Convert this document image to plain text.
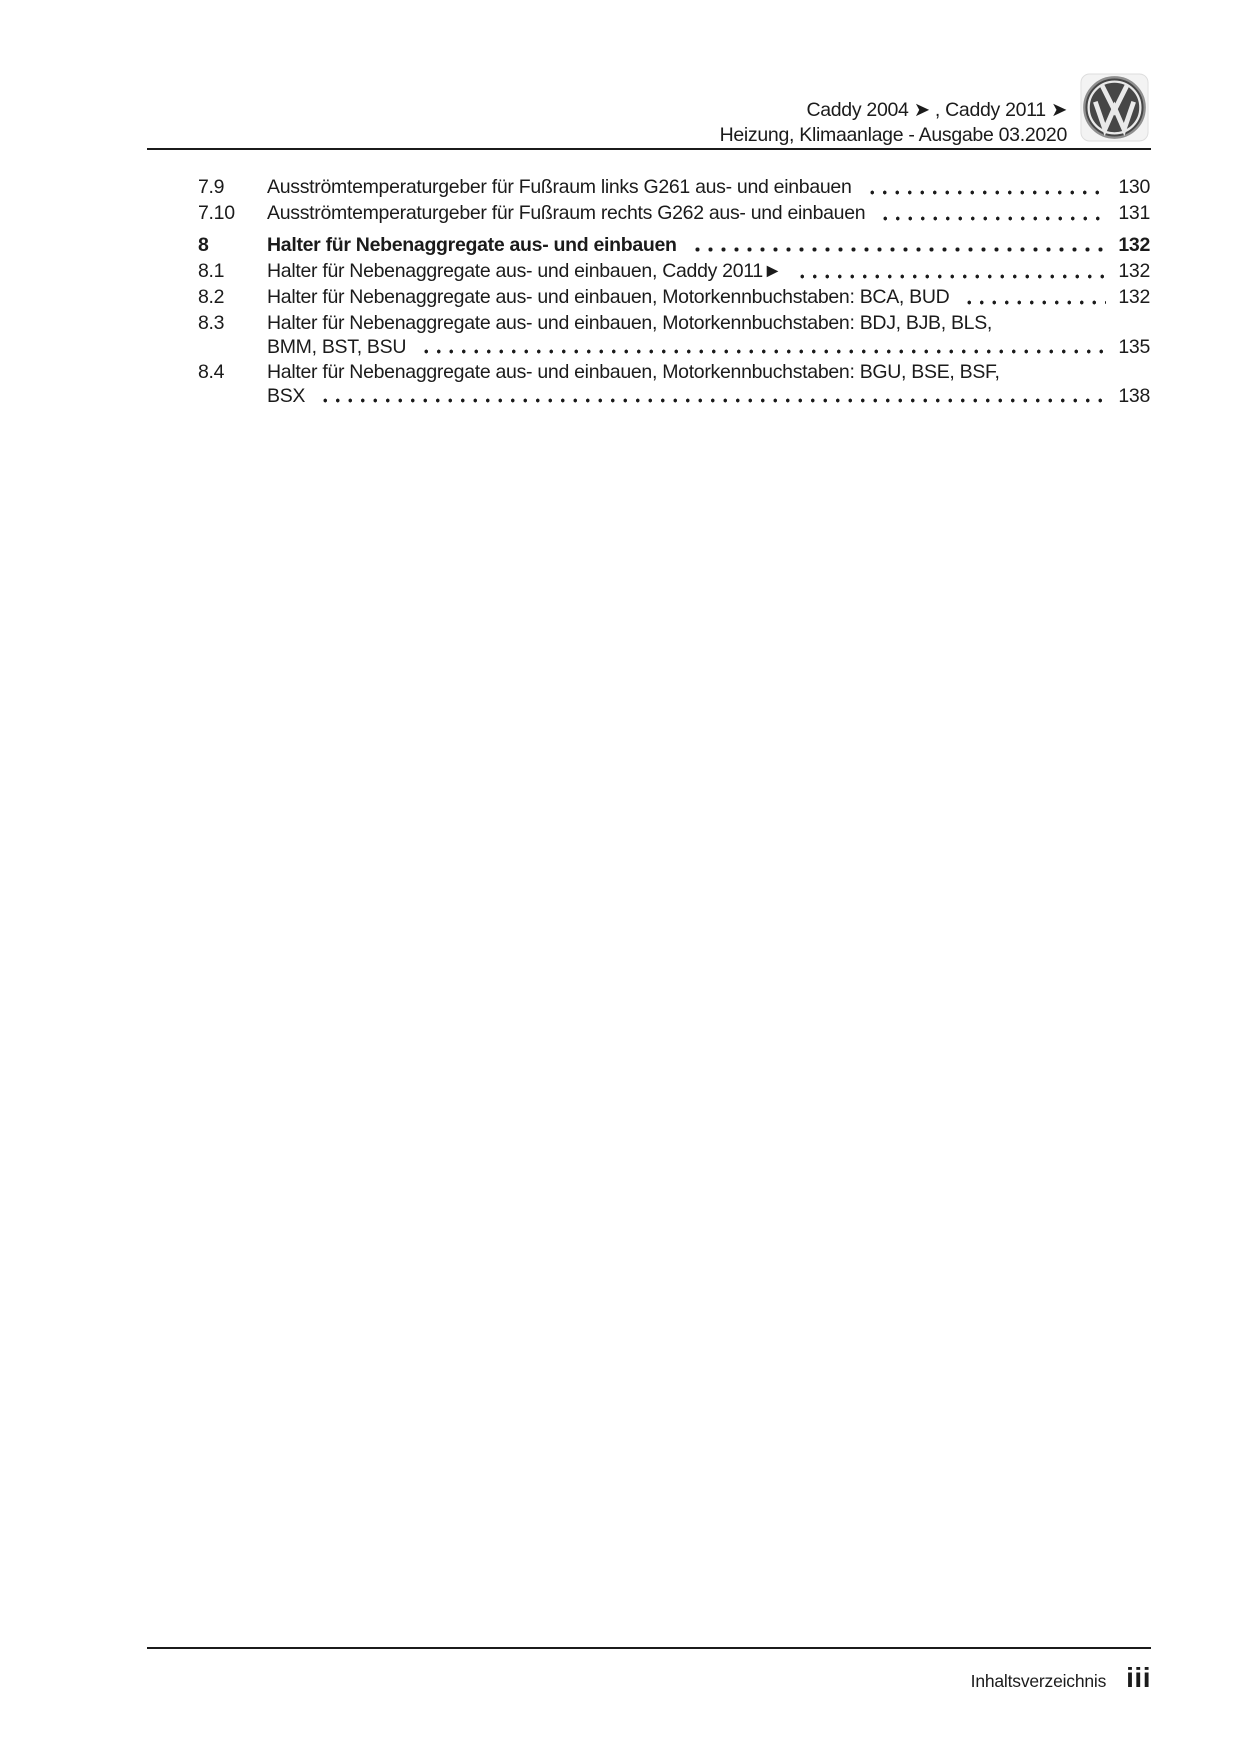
Caddy 2004 ➤ , Caddy 2011 ➤
Heizung, Klimaanlage - Ausgabe 03.2020
7.9	Ausströmtemperaturgeber für Fußraum links G261 aus- und einbauen	130
7.10	Ausströmtemperaturgeber für Fußraum rechts G262 aus- und einbauen	131
8	Halter für Nebenaggregate aus- und einbauen	132
8.1	Halter für Nebenaggregate aus- und einbauen, Caddy 2011►	132
8.2	Halter für Nebenaggregate aus- und einbauen, Motorkennbuchstaben: BCA, BUD	132
8.3	Halter für Nebenaggregate aus- und einbauen, Motorkennbuchstaben: BDJ, BJB, BLS,
BMM, BST, BSU	135
8.4	Halter für Nebenaggregate aus- und einbauen, Motorkennbuchstaben: BGU, BSE, BSF,
BSX	138
Inhaltsverzeichnis iii
